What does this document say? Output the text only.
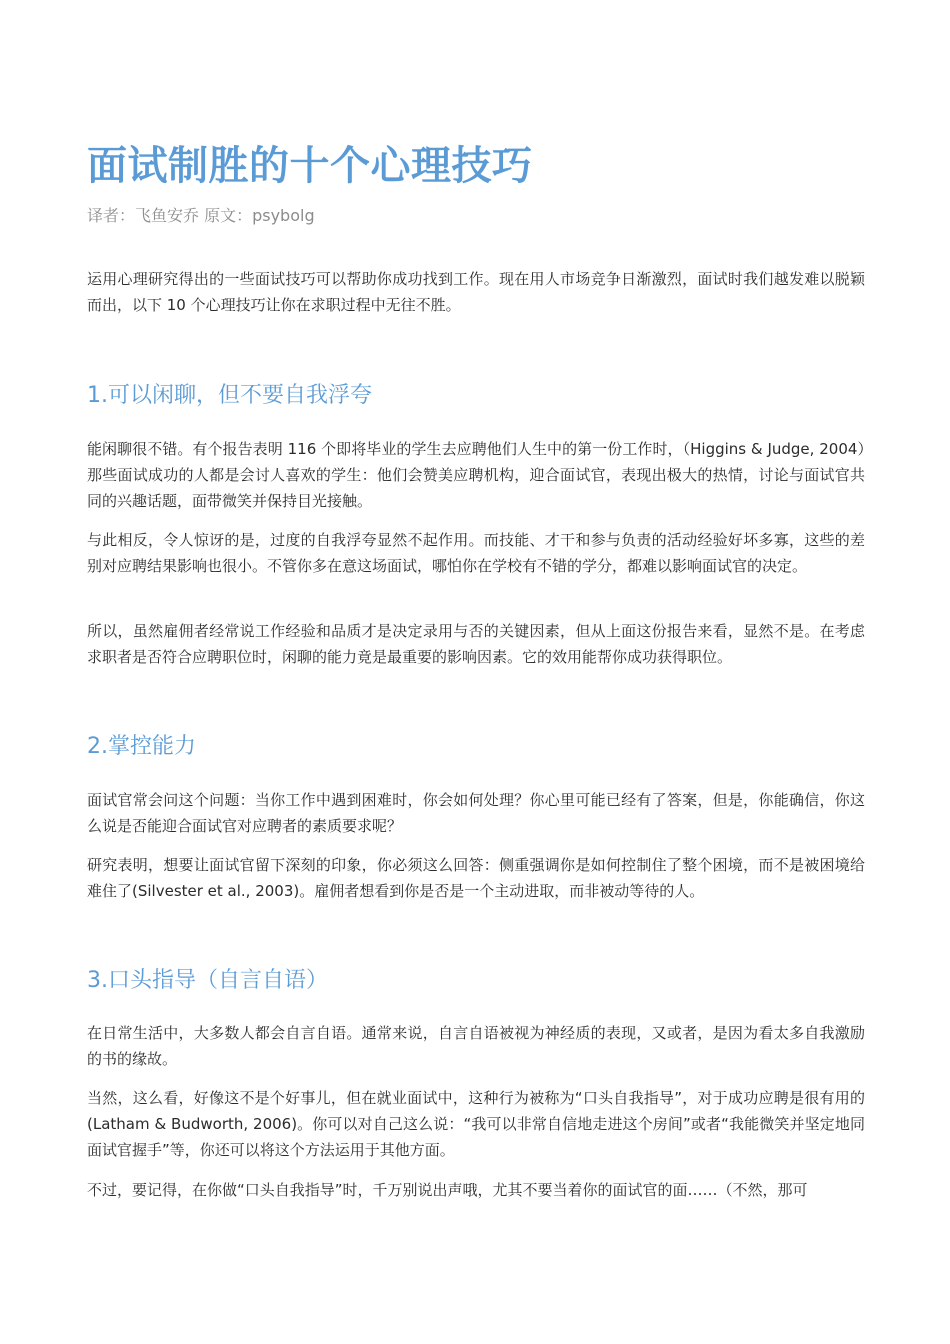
面试制胜的十个心理技巧
译者：飞鱼安乔 原文：psybolg

运用心理研究得出的一些面试技巧可以帮助你成功找到工作。现在用人市场竞争日渐激烈，面试时我们越发难以脱颖而出，以下 10 个心理技巧让你在求职过程中无往不胜。

1.可以闲聊，但不要自我浮夸

能闲聊很不错。有个报告表明 116 个即将毕业的学生去应聘他们人生中的第一份工作时，（Higgins & Judge, 2004）那些面试成功的人都是会讨人喜欢的学生：他们会赞美应聘机构，迎合面试官，表现出极大的热情，讨论与面试官共同的兴趣话题，面带微笑并保持目光接触。

与此相反，令人惊讶的是，过度的自我浮夸显然不起作用。而技能、才干和参与负责的活动经验好坏多寡，这些的差别对应聘结果影响也很小。不管你多在意这场面试，哪怕你在学校有不错的学分，都难以影响面试官的决定。

所以，虽然雇佣者经常说工作经验和品质才是决定录用与否的关键因素，但从上面这份报告来看，显然不是。在考虑求职者是否符合应聘职位时，闲聊的能力竟是最重要的影响因素。它的效用能帮你成功获得职位。

2.掌控能力

面试官常会问这个问题：当你工作中遇到困难时，你会如何处理？你心里可能已经有了答案，但是，你能确信，你这么说是否能迎合面试官对应聘者的素质要求呢？

研究表明，想要让面试官留下深刻的印象，你必须这么回答：侧重强调你是如何控制住了整个困境，而不是被困境给难住了(Silvester et al., 2003)。雇佣者想看到你是否是一个主动进取，而非被动等待的人。

3.口头指导（自言自语）

在日常生活中，大多数人都会自言自语。通常来说，自言自语被视为神经质的表现，又或者，是因为看太多自我激励的书的缘故。

当然，这么看，好像这不是个好事儿，但在就业面试中，这种行为被称为“口头自我指导”，对于成功应聘是很有用的(Latham & Budworth, 2006)。你可以对自己这么说：“我可以非常自信地走进这个房间”或者“我能微笑并坚定地同面试官握手”等，你还可以将这个方法运用于其他方面。

不过，要记得，在你做“口头自我指导”时，千万别说出声哦，尤其不要当着你的面试官的面……（不然，那可
